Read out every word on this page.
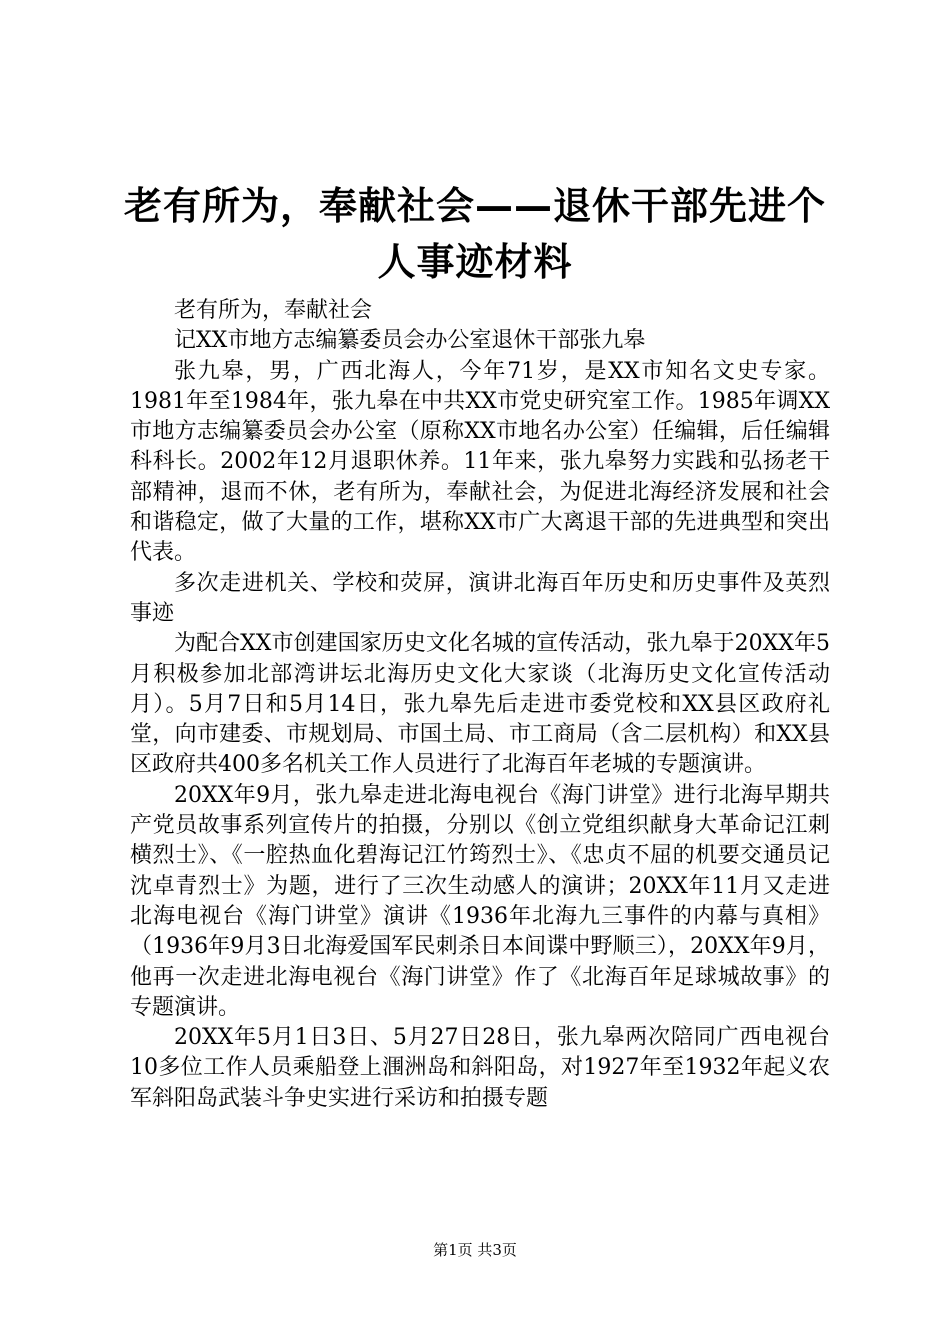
老有所为，奉献社会——退休干部先进个人事迹材料

老有所为，奉献社会

记XX市地方志编纂委员会办公室退休干部张九皋

张九皋，男，广西北海人，今年71岁，是XX市知名文史专家。1981年至1984年，张九皋在中共XX市党史研究室工作。1985年调XX市地方志编纂委员会办公室（原称XX市地名办公室）任编辑，后任编辑科科长。2002年12月退职休养。11年来，张九皋努力实践和弘扬老干部精神，退而不休，老有所为，奉献社会，为促进北海经济发展和社会和谐稳定，做了大量的工作，堪称XX市广大离退干部的先进典型和突出代表。

多次走进机关、学校和荧屏，演讲北海百年历史和历史事件及英烈事迹

为配合XX市创建国家历史文化名城的宣传活动，张九皋于20XX年5月积极参加北部湾讲坛北海历史文化大家谈（北海历史文化宣传活动月）。5月7日和5月14日，张九皋先后走进市委党校和XX县区政府礼堂，向市建委、市规划局、市国土局、市工商局（含二层机构）和XX县区政府共400多名机关工作人员进行了北海百年老城的专题演讲。

20XX年9月，张九皋走进北海电视台《海门讲堂》进行北海早期共产党员故事系列宣传片的拍摄，分别以《创立党组织献身大革命记江刺横烈士》、《一腔热血化碧海记江竹筠烈士》、《忠贞不屈的机要交通员记沈卓青烈士》为题，进行了三次生动感人的演讲；20XX年11月又走进北海电视台《海门讲堂》演讲《1936年北海九三事件的内幕与真相》（1936年9月3日北海爱国军民刺杀日本间谍中野顺三），20XX年9月，他再一次走进北海电视台《海门讲堂》作了《北海百年足球城故事》的专题演讲。

20XX年5月1日3日、5月27日28日，张九皋两次陪同广西电视台10多位工作人员乘船登上涠洲岛和斜阳岛，对1927年至1932年起义农军斜阳岛武装斗争史实进行采访和拍摄专题

第1页 共3页
